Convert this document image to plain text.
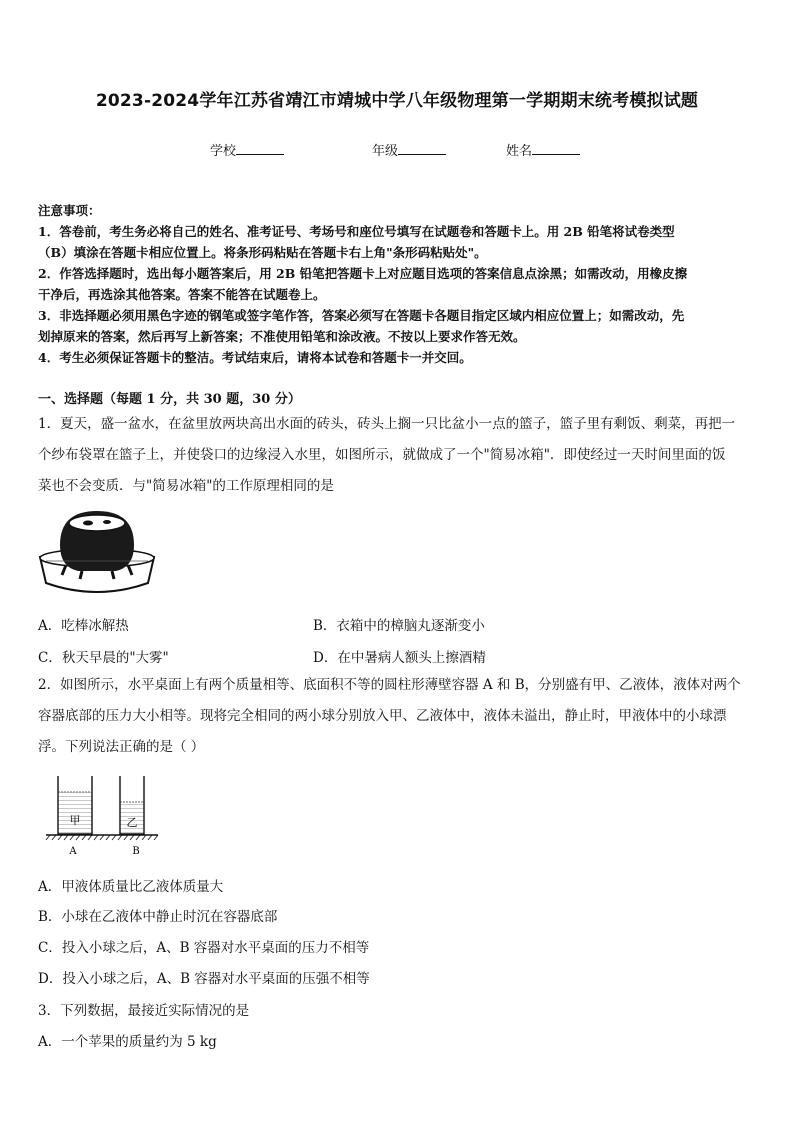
2023-2024学年江苏省靖江市靖城中学八年级物理第一学期期末统考模拟试题
学校	年级	姓名

注意事项：

1．答卷前，考生务必将自己的姓名、准考证号、考场号和座位号填写在试题卷和答题卡上。用 2B 铅笔将试卷类型

（B）填涂在答题卡相应位置上。将条形码粘贴在答题卡右上角"条形码粘贴处"。

2．作答选择题时，选出每小题答案后，用 2B 铅笔把答题卡上对应题目选项的答案信息点涂黑；如需改动，用橡皮擦

干净后，再选涂其他答案。答案不能答在试题卷上。

3．非选择题必须用黑色字迹的钢笔或签字笔作答，答案必须写在答题卡各题目指定区域内相应位置上；如需改动，先

划掉原来的答案，然后再写上新答案；不准使用铅笔和涂改液。不按以上要求作答无效。

4．考生必须保证答题卡的整洁。考试结束后，请将本试卷和答题卡一并交回。

一、选择题（每题 1 分，共 30 题，30 分）

1．夏天，盛一盆水，在盆里放两块高出水面的砖头，砖头上搁一只比盆小一点的篮子，篮子里有剩饭、剩菜，再把一

个纱布袋罩在篮子上，并使袋口的边缘浸入水里，如图所示，就做成了一个"简易冰箱"．即使经过一天时间里面的饭

菜也不会变质．与"简易冰箱"的工作原理相同的是

A．吃棒冰解热	B．衣箱中的樟脑丸逐渐变小
C．秋天早晨的"大雾"	D．在中暑病人额头上擦酒精

2．如图所示，水平桌面上有两个质量相等、底面积不等的圆柱形薄壁容器 A 和 B，分别盛有甲、乙液体，液体对两个

容器底部的压力大小相等。现将完全相同的两小球分别放入甲、乙液体中，液体未溢出，静止时，甲液体中的小球漂

浮。下列说法正确的是（ ）

甲	乙
A	B
A．甲液体质量比乙液体质量大
B．小球在乙液体中静止时沉在容器底部
C．投入小球之后，A、B 容器对水平桌面的压力不相等
D．投入小球之后，A、B 容器对水平桌面的压强不相等
3．下列数据，最接近实际情况的是
A．一个苹果的质量约为 5 kg
